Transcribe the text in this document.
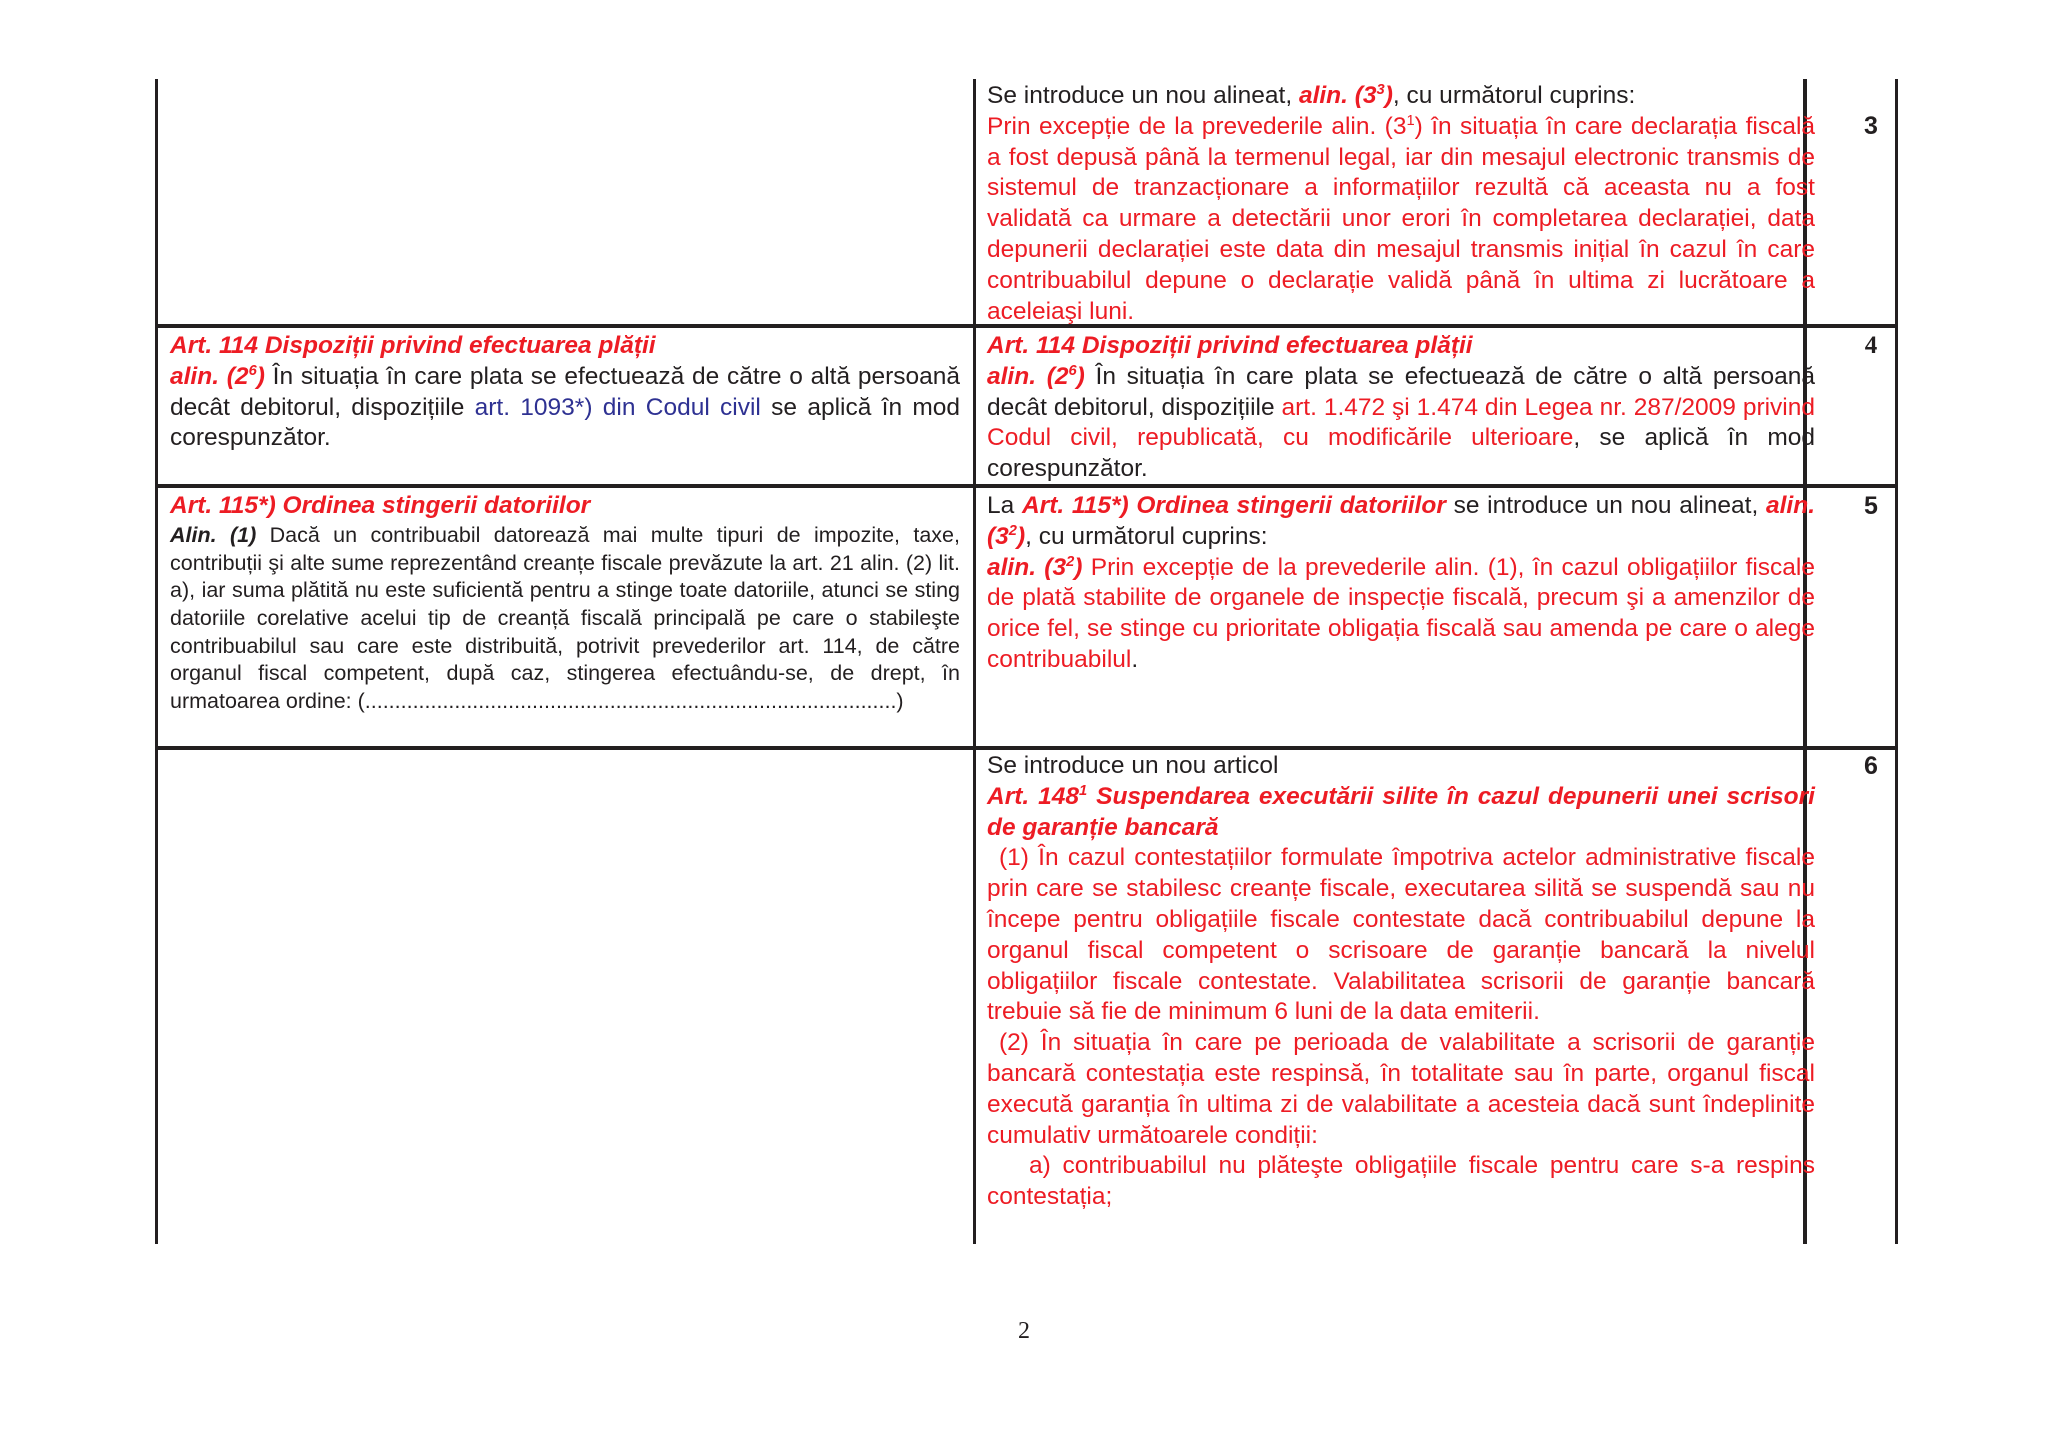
Se introduce un nou alineat, alin. $(3^3)$, cu următorul cuprins:

Prin excepție de la prevederile alin. $(3^1)$ în situația în care declarația fiscală a fost depusă până la termenul legal, iar din mesajul electronic transmis de sistemul de tranzacționare a informațiilor rezultă că aceasta nu a fost validată ca urmare a detectării unor erori în completarea declarației, data depunerii declarației este data din mesajul transmis inițial în cazul în care contribuabilul depune o declarație validă până în ultima zi lucrătoare a aceleiaşi luni.

3

Art. 114 Dispoziții privind efectuarea plății

alin. $(2^6)$ În situația în care plata se efectuează de către o altă persoană decât debitorul, dispozițiile art. 1093*) din Codul civil se aplică în mod corespunzător.

Art. 114 Dispoziții privind efectuarea plății

alin. $(2^6)$ În situația în care plata se efectuează de către o altă persoană decât debitorul, dispozițiile art. 1.472 şi 1.474 din Legea nr. 287/2009 privind Codul civil, republicată, cu modificările ulterioare, se aplică în mod corespunzător.

4

Art. 115*) Ordinea stingerii datoriilor

Alin. (1) Dacă un contribuabil datorează mai multe tipuri de impozite, taxe, contribuții şi alte sume reprezentând creanțe fiscale prevăzute la art. 21 alin. (2) lit. a), iar suma plătită nu este suficientă pentru a stinge toate datoriile, atunci se sting datoriile corelative acelui tip de creanță fiscală principală pe care o stabileşte contribuabilul sau care este distribuită, potrivit prevederilor art. 114, de către organul fiscal competent, după caz, stingerea efectuându-se, de drept, în urmatoarea ordine: (.........................................................................................)

La Art. 115*) Ordinea stingerii datoriilor se introduce un nou alineat, alin. $(3^2)$, cu următorul cuprins:

alin. $(3^2)$ Prin excepție de la prevederile alin. (1), în cazul obligațiilor fiscale de plată stabilite de organele de inspecție fiscală, precum şi a amenzilor de orice fel, se stinge cu prioritate obligația fiscală sau amenda pe care o alege contribuabilul.

5

Se introduce un nou articol

Art. $148^1$ Suspendarea executării silite în cazul depunerii unei scrisori de garanție bancară

(1) În cazul contestațiilor formulate împotriva actelor administrative fiscale prin care se stabilesc creanțe fiscale, executarea silită se suspendă sau nu începe pentru obligațiile fiscale contestate dacă contribuabilul depune la organul fiscal competent o scrisoare de garanție bancară la nivelul obligațiilor fiscale contestate. Valabilitatea scrisorii de garanție bancară trebuie să fie de minimum 6 luni de la data emiterii.

(2) În situația în care pe perioada de valabilitate a scrisorii de garanție bancară contestația este respinsă, în totalitate sau în parte, organul fiscal execută garanția în ultima zi de valabilitate a acesteia dacă sunt îndeplinite cumulativ următoarele condiții:

a) contribuabilul nu plăteşte obligațiile fiscale pentru care s-a respins contestația;

6
2
